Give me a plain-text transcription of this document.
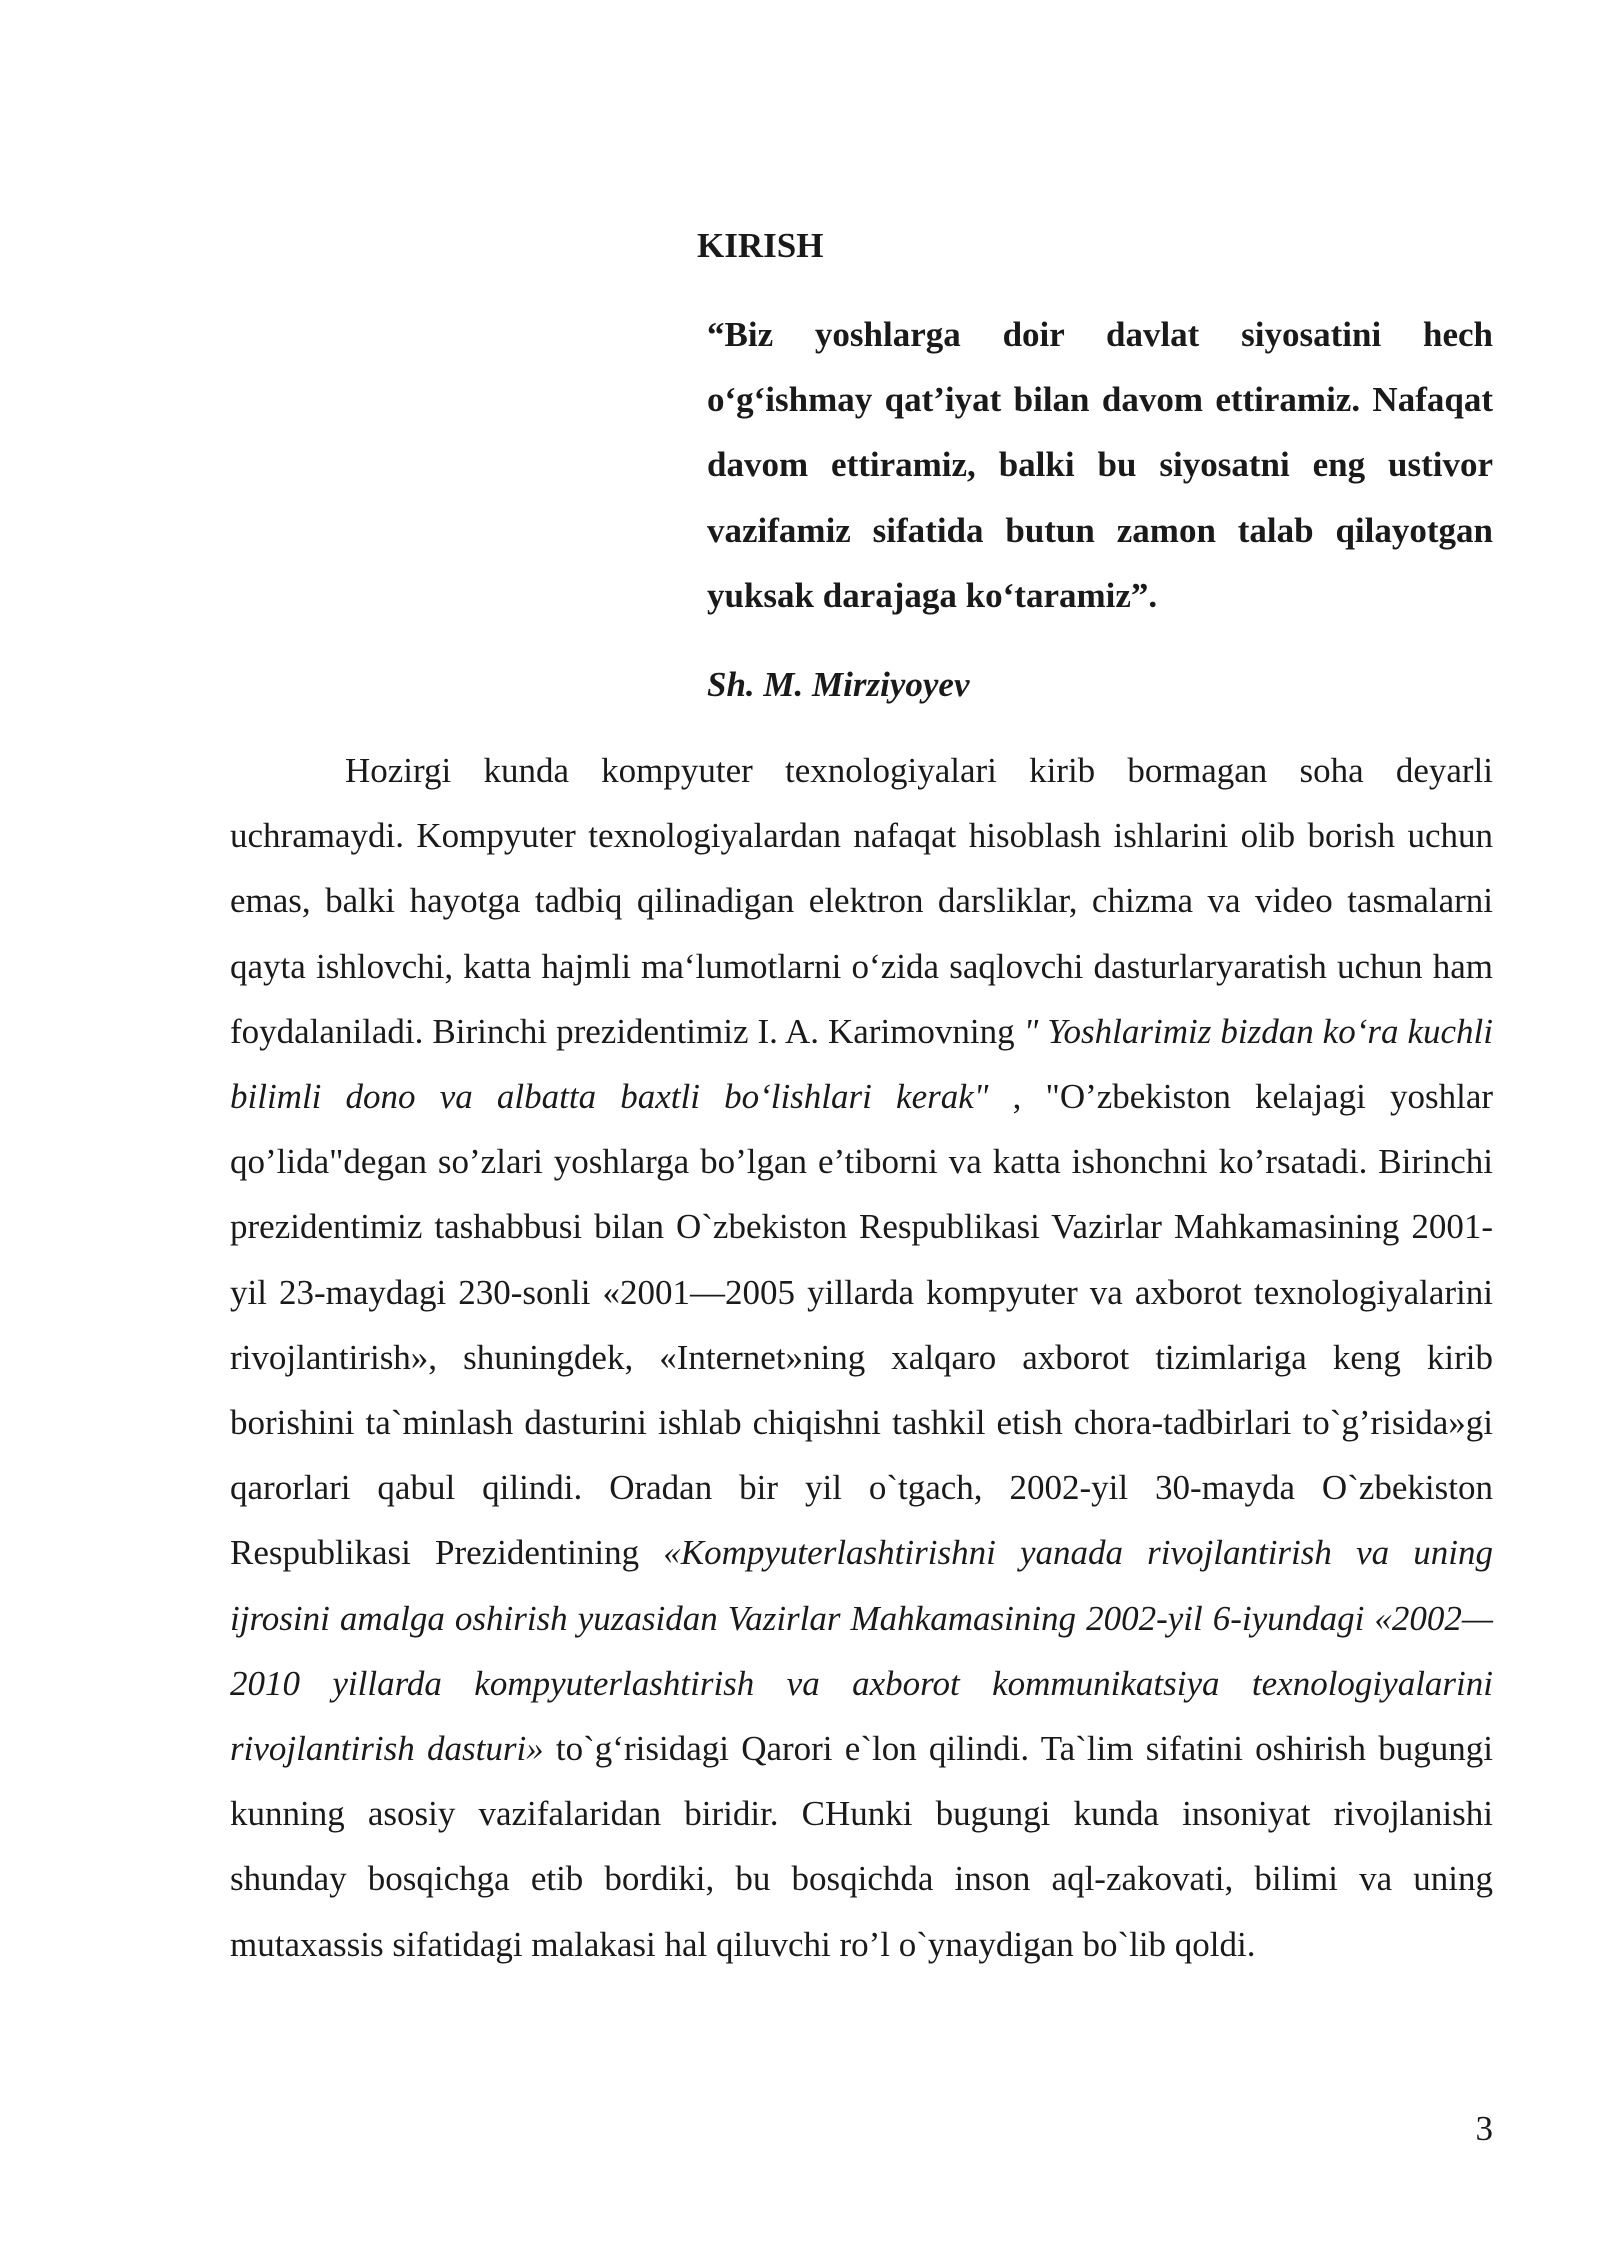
KIRISH

“Biz yoshlarga doir davlat siyosatini hech o‘g‘ishmay qat’iyat bilan davom ettiramiz. Nafaqat davom ettiramiz, balki bu siyosatni eng ustivor vazifamiz sifatida butun zamon talab qilayotgan yuksak darajaga ko‘taramiz”.

Sh. M. Mirziyoyev

Hozirgi kunda kompyuter texnologiyalari kirib bormagan soha deyarli uchramaydi. Kompyuter texnologiyalardan nafaqat hisoblash ishlarini olib borish uchun emas, balki hayotga tadbiq qilinadigan elektron darsliklar, chizma va video tasmalarni qayta ishlovchi, katta hajmli ma‘lumotlarni o‘zida saqlovchi dasturlaryaratish uchun ham foydalaniladi. Birinchi prezidentimiz I. A. Karimovning " Yoshlarimiz bizdan ko‘ra kuchli bilimli dono va albatta baxtli bo‘lishlari kerak" , "O’zbekiston kelajagi yoshlar qo’lida"degan so’zlari yoshlarga bo’lgan e’tiborni va katta ishonchni ko’rsatadi. Birinchi prezidentimiz tashabbusi bilan O`zbekiston Respublikasi Vazirlar Mahkamasining 2001-yil 23-maydagi 230-sonli «2001—2005 yillarda kompyuter va axborot texnologiyalarini rivojlantirish», shuningdek, «Internet»ning xalqaro axborot tizimlariga keng kirib borishini ta`minlash dasturini ishlab chiqishni tashkil etish chora-tadbirlari to`g’risida»gi qarorlari qabul qilindi. Oradan bir yil o`tgach, 2002-yil 30-mayda O`zbekiston Respublikasi Prezidentining «Kompyuterlashtirishni yanada rivojlantirish va uning ijrosini amalga oshirish yuzasidan Vazirlar Mahkamasining 2002-yil 6-iyundagi «2002—2010 yillarda kompyuterlashtirish va axborot kommunikatsiya texnologiyalarini rivojlantirish dasturi» to`g‘risidagi Qarori e`lon qilindi. Ta`lim sifatini oshirish bugungi kunning asosiy vazifalaridan biridir. CHunki bugungi kunda insoniyat rivojlanishi shunday bosqichga etib bordiki, bu bosqichda inson aql-zakovati, bilimi va uning mutaxassis sifatidagi malakasi hal qiluvchi ro’l o`ynaydigan bo`lib qoldi.

3
